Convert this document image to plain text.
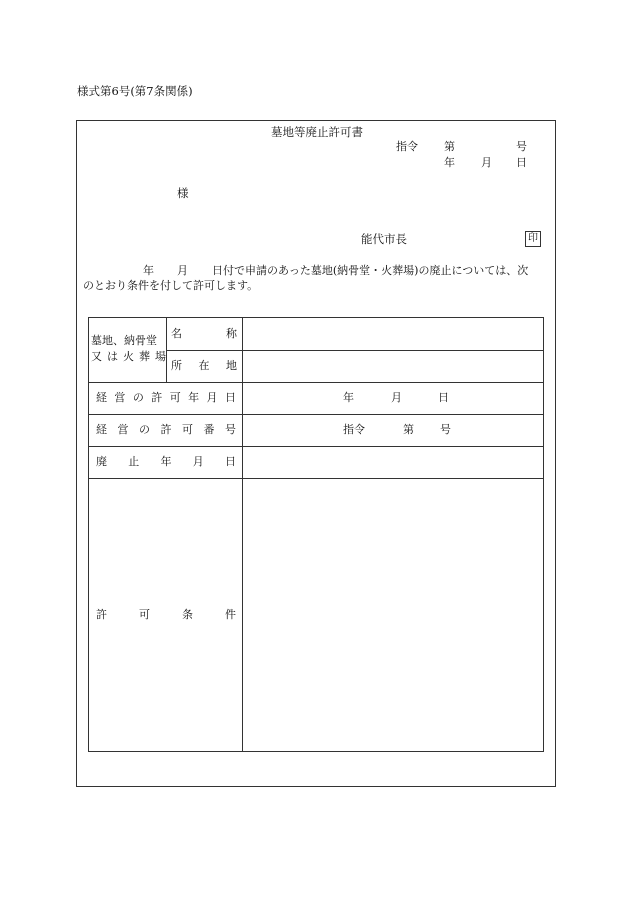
様式第6号(第7条関係)
墓地等廃止許可書
指令 第	号
年 月 日
様
能代市長	印
年 月 日付で申請のあった墓地(納骨堂・火葬場)の廃止については、次
のとおり条件を付して許可します。
墓地、納骨堂
又は火葬場
名	称
所 在 地
経 営 の 許 可 年 月 日	年	月	日
経 営 の 許 可 番 号	指令	第 号
廃 止 年 月 日
許	可	条	件
